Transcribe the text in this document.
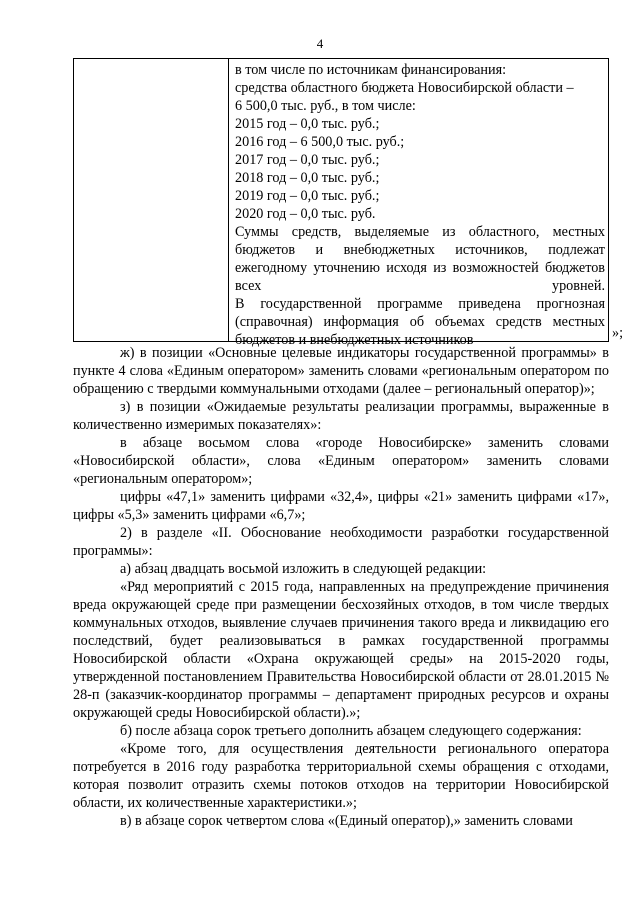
4
в том числе по источникам финансирования:
средства областного бюджета Новосибирской области –
6 500,0 тыс. руб., в том числе:
2015 год – 0,0 тыс. руб.;
2016 год – 6 500,0 тыс. руб.;
2017 год – 0,0 тыс. руб.;
2018 год – 0,0 тыс. руб.;
2019 год – 0,0 тыс. руб.;
2020 год – 0,0 тыс. руб.
Суммы средств, выделяемые из областного, местных бюджетов и внебюджетных источников, подлежат ежегодному уточнению исходя из возможностей бюджетов всех уровней.
В государственной программе приведена прогнозная (справочная) информация об объемах средств местных бюджетов и внебюджетных источников	»;

ж) в позиции «Основные целевые индикаторы государственной программы» в пункте 4 слова «Единым оператором» заменить словами «региональным оператором по обращению с твердыми коммунальными отходами (далее – региональный оператор)»;

з) в позиции «Ожидаемые результаты реализации программы, выраженные в количественно измеримых показателях»:

в абзаце восьмом слова «городе Новосибирске» заменить словами «Новосибирской области», слова «Единым оператором» заменить словами «региональным оператором»;

цифры «47,1» заменить цифрами «32,4», цифры «21» заменить цифрами «17», цифры «5,3» заменить цифрами «6,7»;

2) в разделе «II. Обоснование необходимости разработки государственной программы»:

а) абзац двадцать восьмой изложить в следующей редакции:

«Ряд мероприятий с 2015 года, направленных на предупреждение причинения вреда окружающей среде при размещении бесхозяйных отходов, в том числе твердых коммунальных отходов, выявление случаев причинения такого вреда и ликвидацию его последствий, будет реализовываться в рамках государственной программы Новосибирской области «Охрана окружающей среды» на 2015-2020 годы, утвержденной постановлением Правительства Новосибирской области от 28.01.2015 № 28-п (заказчик-координатор программы – департамент природных ресурсов и охраны окружающей среды Новосибирской области).»;

б) после абзаца сорок третьего дополнить абзацем следующего содержания:

«Кроме того, для осуществления деятельности регионального оператора потребуется в 2016 году разработка территориальной схемы обращения с отходами, которая позволит отразить схемы потоков отходов на территории Новосибирской области, их количественные характеристики.»;

в) в абзаце сорок четвертом слова «(Единый оператор),» заменить словами
